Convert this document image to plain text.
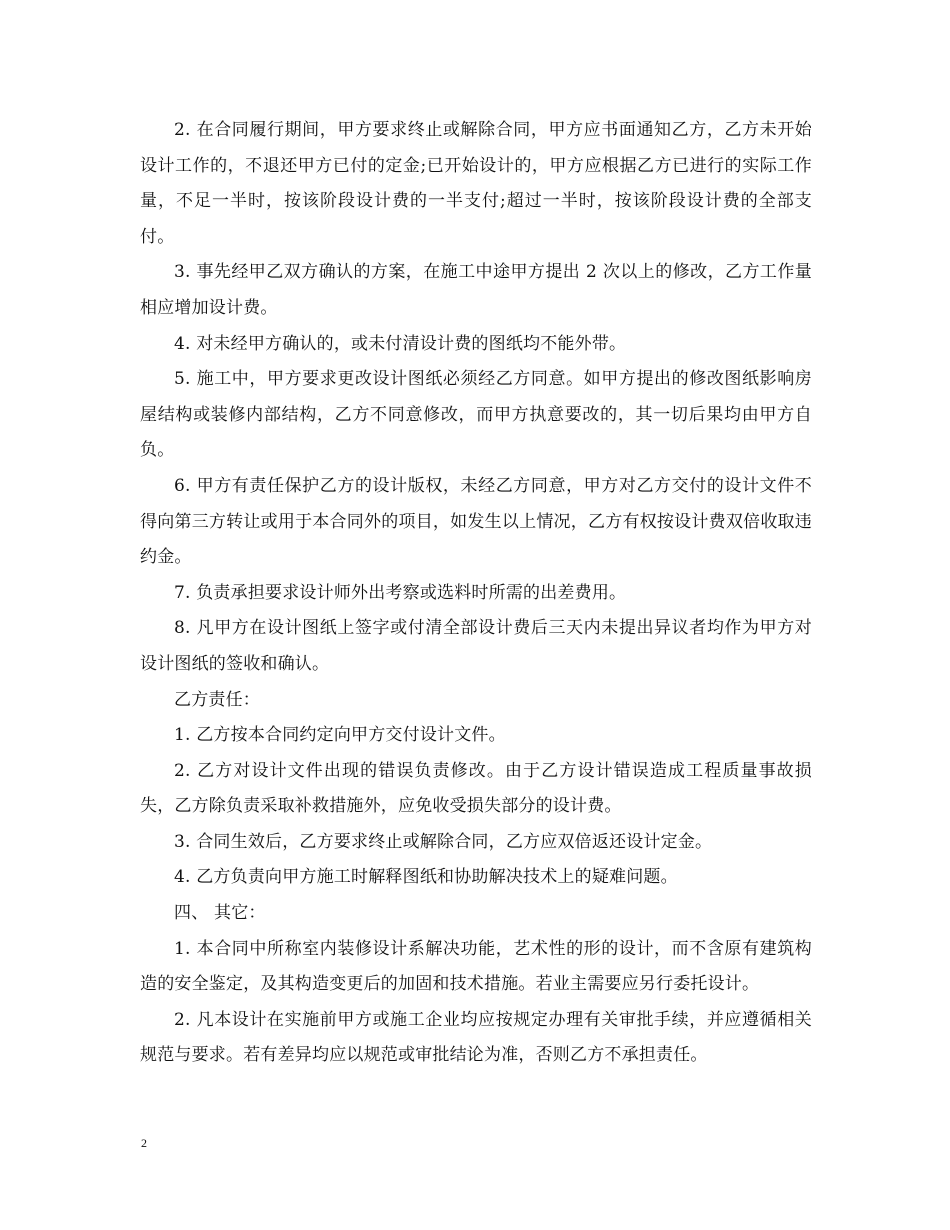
2. 在合同履行期间，甲方要求终止或解除合同，甲方应书面通知乙方，乙方未开始设计工作的，不退还甲方已付的定金;已开始设计的，甲方应根据乙方已进行的实际工作量，不足一半时，按该阶段设计费的一半支付;超过一半时，按该阶段设计费的全部支付。

3. 事先经甲乙双方确认的方案，在施工中途甲方提出 2 次以上的修改，乙方工作量相应增加设计费。

4. 对未经甲方确认的，或未付清设计费的图纸均不能外带。

5. 施工中，甲方要求更改设计图纸必须经乙方同意。如甲方提出的修改图纸影响房屋结构或装修内部结构，乙方不同意修改，而甲方执意要改的，其一切后果均由甲方自负。

6. 甲方有责任保护乙方的设计版权，未经乙方同意，甲方对乙方交付的设计文件不得向第三方转让或用于本合同外的项目，如发生以上情况，乙方有权按设计费双倍收取违约金。

7. 负责承担要求设计师外出考察或选料时所需的出差费用。

8. 凡甲方在设计图纸上签字或付清全部设计费后三天内未提出异议者均作为甲方对设计图纸的签收和确认。

乙方责任：

1. 乙方按本合同约定向甲方交付设计文件。

2. 乙方对设计文件出现的错误负责修改。由于乙方设计错误造成工程质量事故损失，乙方除负责采取补救措施外，应免收受损失部分的设计费。

3. 合同生效后，乙方要求终止或解除合同，乙方应双倍返还设计定金。

4. 乙方负责向甲方施工时解释图纸和协助解决技术上的疑难问题。

四、 其它：

1. 本合同中所称室内装修设计系解决功能，艺术性的形的设计，而不含原有建筑构造的安全鉴定，及其构造变更后的加固和技术措施。若业主需要应另行委托设计。

2. 凡本设计在实施前甲方或施工企业均应按规定办理有关审批手续，并应遵循相关规范与要求。若有差异均应以规范或审批结论为准，否则乙方不承担责任。

2
